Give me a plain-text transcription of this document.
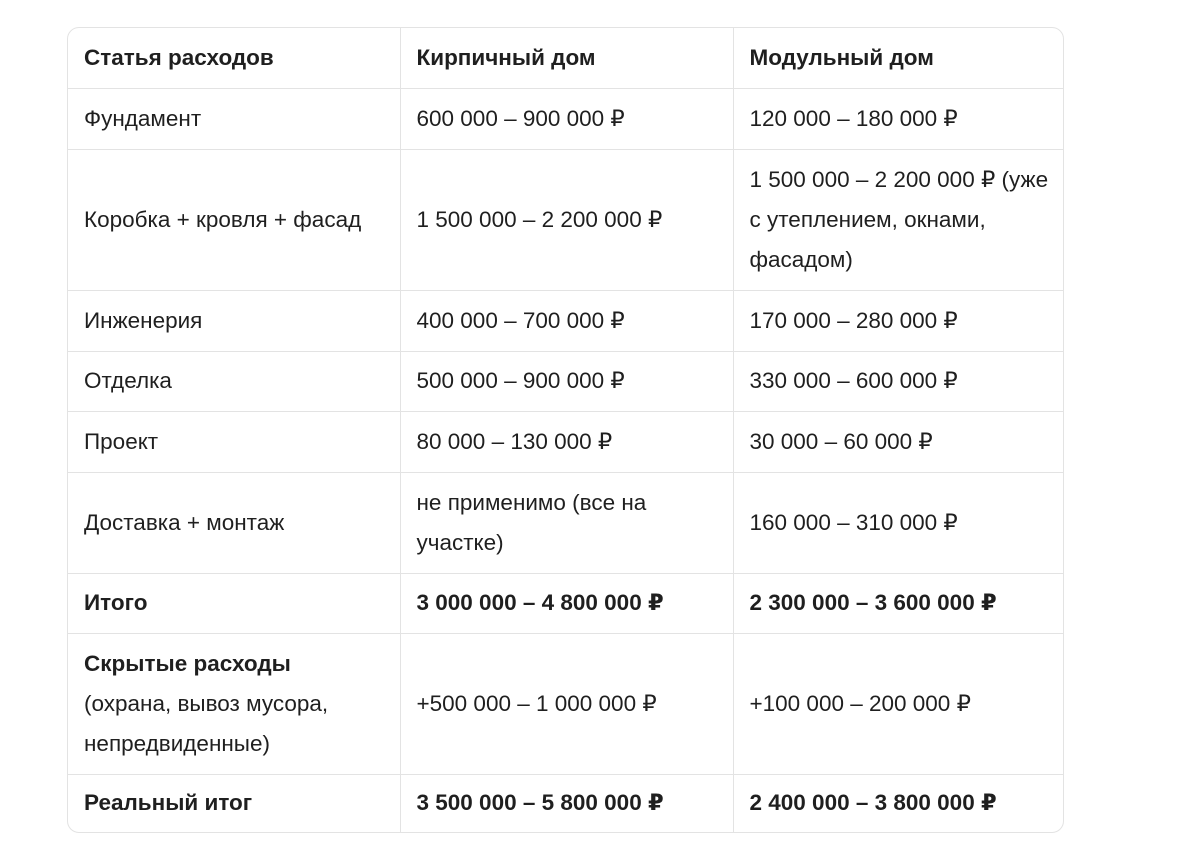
Статья расходов	Кирпичный дом	Модульный дом
Фундамент	600 000 – 900 000 ₽	120 000 – 180 000 ₽
Коробка + кровля + фасад	1 500 000 – 2 200 000 ₽	1 500 000 – 2 200 000 ₽ (уже с утеплением, окнами, фасадом)
Инженерия	400 000 – 700 000 ₽	170 000 – 280 000 ₽
Отделка	500 000 – 900 000 ₽	330 000 – 600 000 ₽
Проект	80 000 – 130 000 ₽	30 000 – 60 000 ₽
Доставка + монтаж	не применимо (все на участке)	160 000 – 310 000 ₽
Итого	3 000 000 – 4 800 000 ₽	2 300 000 – 3 600 000 ₽
Скрытые расходы
(охрана, вывоз мусора, непредвиденные)	+500 000 – 1 000 000 ₽	+100 000 – 200 000 ₽
Реальный итог	3 500 000 – 5 800 000 ₽	2 400 000 – 3 800 000 ₽
